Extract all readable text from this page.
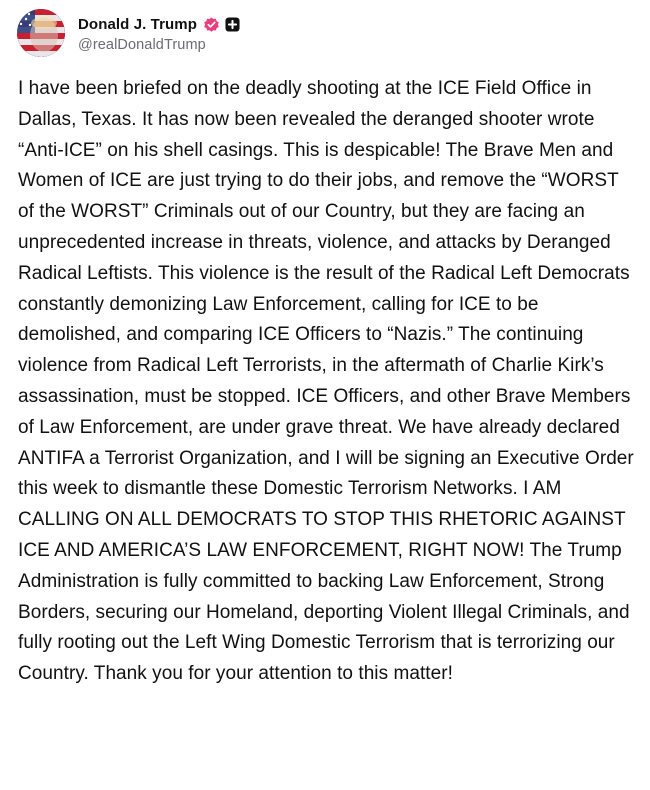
Donald J. Trump
@realDonaldTrump

I have been briefed on the deadly shooting at the ICE Field Office in Dallas, Texas. It has now been revealed the deranged shooter wrote “Anti-ICE” on his shell casings. This is despicable! The Brave Men and Women of ICE are just trying to do their jobs, and remove the “WORST of the WORST” Criminals out of our Country, but they are facing an unprecedented increase in threats, violence, and attacks by Deranged Radical Leftists. This violence is the result of the Radical Left Democrats constantly demonizing Law Enforcement, calling for ICE to be demolished, and comparing ICE Officers to “Nazis.” The continuing violence from Radical Left Terrorists, in the aftermath of Charlie Kirk’s assassination, must be stopped. ICE Officers, and other Brave Members of Law Enforcement, are under grave threat. We have already declared ANTIFA a Terrorist Organization, and I will be signing an Executive Order this week to dismantle these Domestic Terrorism Networks. I AM CALLING ON ALL DEMOCRATS TO STOP THIS RHETORIC AGAINST ICE AND AMERICA’S LAW ENFORCEMENT, RIGHT NOW! The Trump Administration is fully committed to backing Law Enforcement, Strong Borders, securing our Homeland, deporting Violent Illegal Criminals, and fully rooting out the Left Wing Domestic Terrorism that is terrorizing our Country. Thank you for your attention to this matter!
